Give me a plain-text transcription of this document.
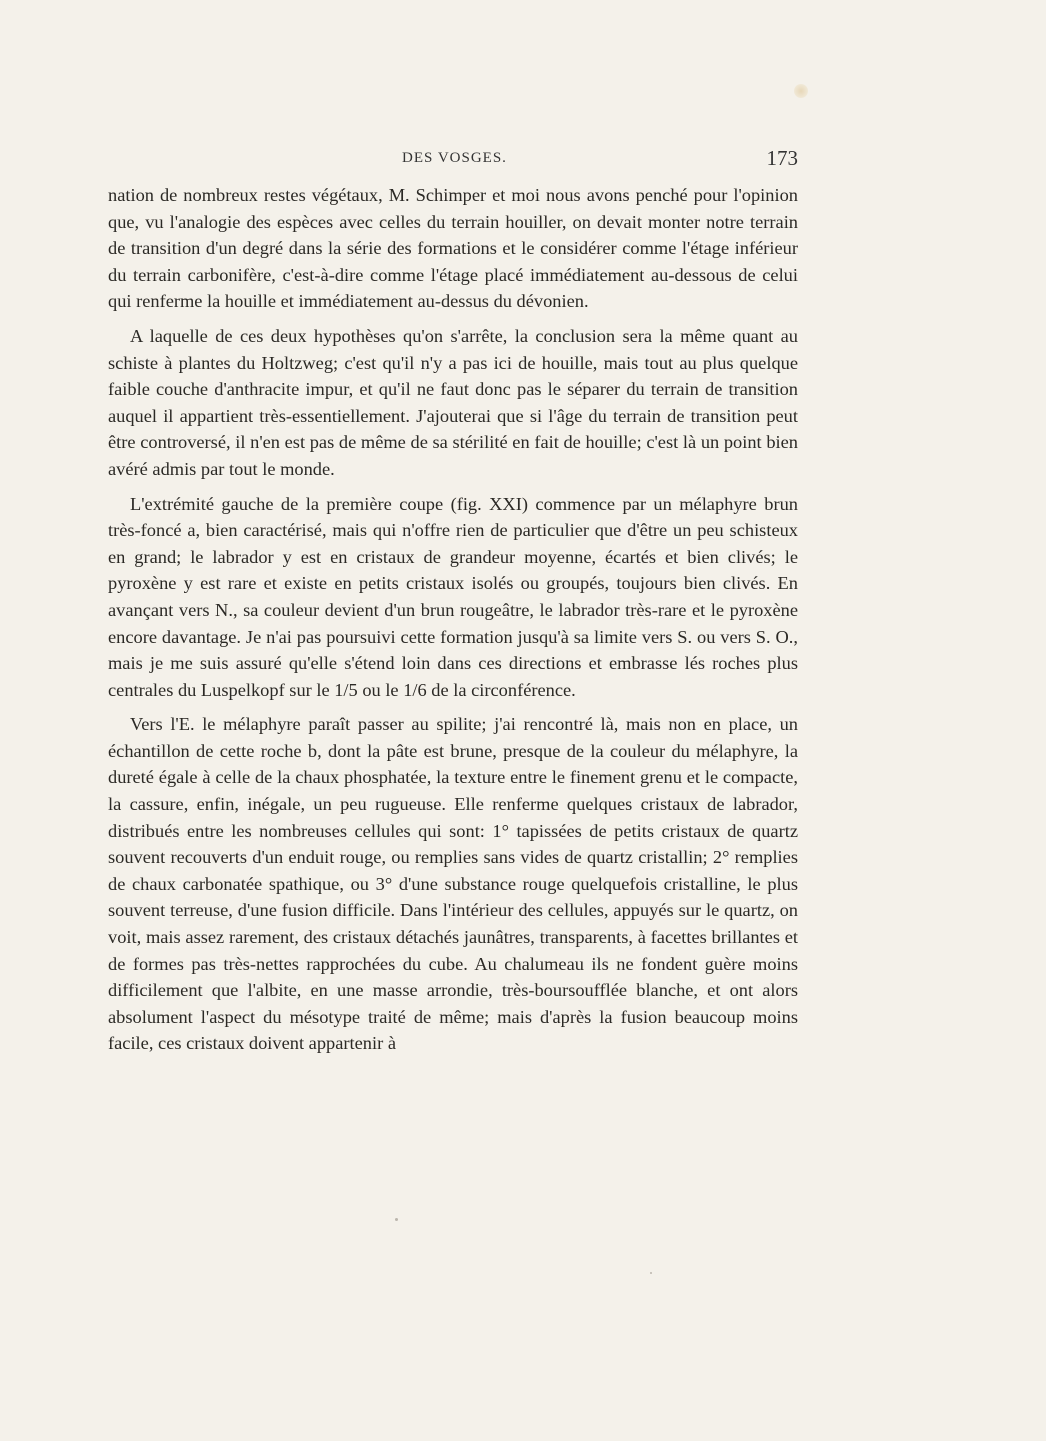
DES VOSGES.	173

nation de nombreux restes végétaux, M. Schimper et moi nous avons penché pour l'opinion que, vu l'analogie des espèces avec celles du terrain houiller, on devait monter notre terrain de transition d'un degré dans la série des formations et le considérer comme l'étage inférieur du terrain carbonifère, c'est-à-dire comme l'étage placé immédiatement au-dessous de celui qui renferme la houille et immédiatement au-dessus du dévonien.

A laquelle de ces deux hypothèses qu'on s'arrête, la conclusion sera la même quant au schiste à plantes du Holtzweg; c'est qu'il n'y a pas ici de houille, mais tout au plus quelque faible couche d'anthracite impur, et qu'il ne faut donc pas le séparer du terrain de transition auquel il appartient très-essentiellement. J'ajouterai que si l'âge du terrain de transition peut être controversé, il n'en est pas de même de sa stérilité en fait de houille; c'est là un point bien avéré admis par tout le monde.

L'extrémité gauche de la première coupe (fig. XXI) commence par un mélaphyre brun très-foncé a, bien caractérisé, mais qui n'offre rien de particulier que d'être un peu schisteux en grand; le labrador y est en cristaux de grandeur moyenne, écartés et bien clivés; le pyroxène y est rare et existe en petits cristaux isolés ou groupés, toujours bien clivés. En avançant vers N., sa couleur devient d'un brun rougeâtre, le labrador très-rare et le pyroxène encore davantage. Je n'ai pas poursuivi cette formation jusqu'à sa limite vers S. ou vers S. O., mais je me suis assuré qu'elle s'étend loin dans ces directions et embrasse lés roches plus centrales du Luspelkopf sur le 1/5 ou le 1/6 de la circonférence.

Vers l'E. le mélaphyre paraît passer au spilite; j'ai rencontré là, mais non en place, un échantillon de cette roche b, dont la pâte est brune, presque de la couleur du mélaphyre, la dureté égale à celle de la chaux phosphatée, la texture entre le finement grenu et le compacte, la cassure, enfin, inégale, un peu rugueuse. Elle renferme quelques cristaux de labrador, distribués entre les nombreuses cellules qui sont: 1° tapissées de petits cristaux de quartz souvent recouverts d'un enduit rouge, ou remplies sans vides de quartz cristallin; 2° remplies de chaux carbonatée spathique, ou 3° d'une substance rouge quelquefois cristalline, le plus souvent terreuse, d'une fusion difficile. Dans l'intérieur des cellules, appuyés sur le quartz, on voit, mais assez rarement, des cristaux détachés jaunâtres, transparents, à facettes brillantes et de formes pas très-nettes rapprochées du cube. Au chalumeau ils ne fondent guère moins difficilement que l'albite, en une masse arrondie, très-boursoufflée blanche, et ont alors absolument l'aspect du mésotype traité de même; mais d'après la fusion beaucoup moins facile, ces cristaux doivent appartenir à
